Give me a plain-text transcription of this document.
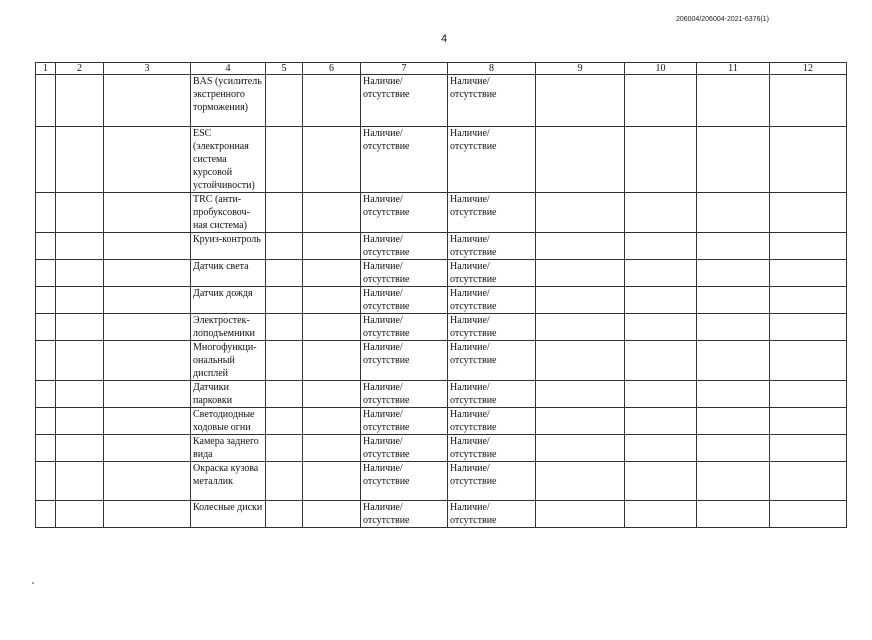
206004/206004-2021-6376(1)
4
1	2	3	4	5	6	7	8	9	10	11	12
			BAS (усилитель экстренного торможения)			Наличие/ отсутствие	Наличие/ отсутствие				
			ESC (электронная система курсовой устойчивости)			Наличие/ отсутствие	Наличие/ отсутствие				
			TRC (анти-пробуксовоч-ная система)			Наличие/ отсутствие	Наличие/ отсутствие				
			Круиз-контроль			Наличие/ отсутствие	Наличие/ отсутствие				
			Датчик света			Наличие/ отсутствие	Наличие/ отсутствие				
			Датчик дождя			Наличие/ отсутствие	Наличие/ отсутствие				
			Электростек-лоподъемники			Наличие/ отсутствие	Наличие/ отсутствие				
			Многофункци-ональный дисплей			Наличие/ отсутствие	Наличие/ отсутствие				
			Датчики парковки			Наличие/ отсутствие	Наличие/ отсутствие				
			Светодиодные ходовые огни			Наличие/ отсутствие	Наличие/ отсутствие				
			Камера заднего вида			Наличие/ отсутствие	Наличие/ отсутствие				
			Окраска кузова металлик			Наличие/ отсутствие	Наличие/ отсутствие				
			Колесные диски			Наличие/ отсутствие	Наличие/ отсутствие				
